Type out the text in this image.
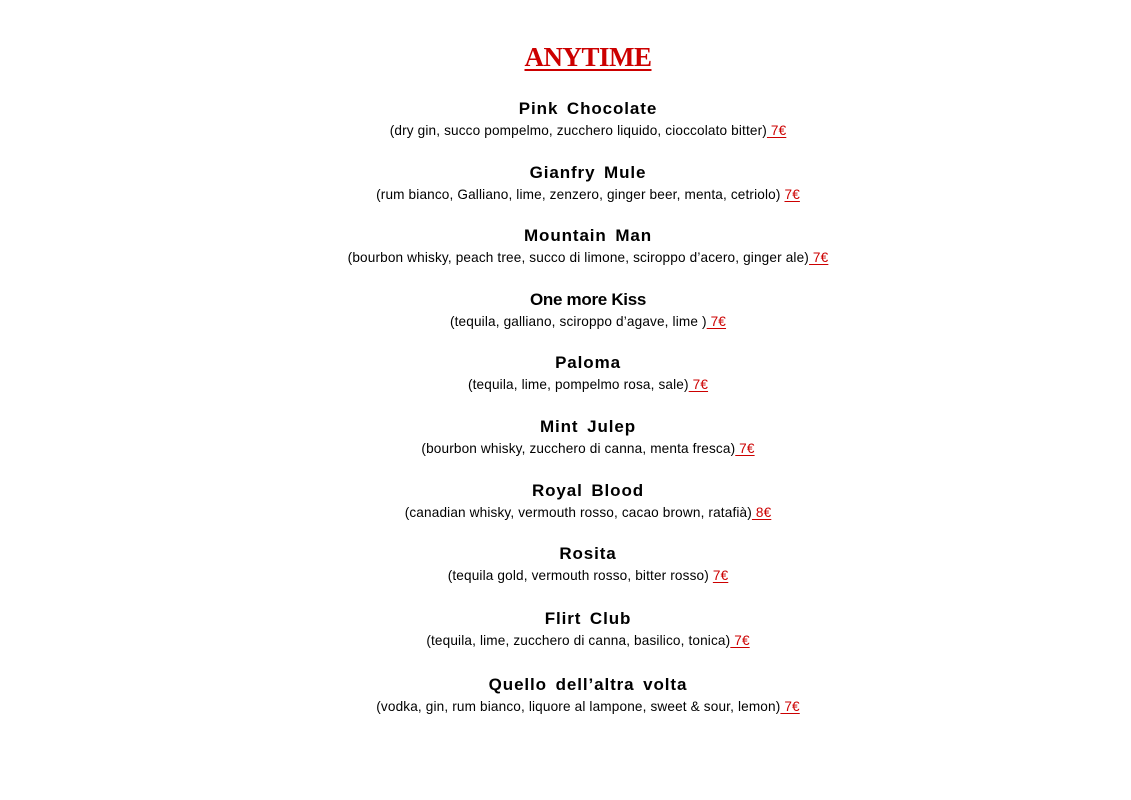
ANYTIME
Pink Chocolate
(dry gin, succo pompelmo, zucchero liquido, cioccolato bitter) 7€
Gianfry Mule
(rum bianco, Galliano, lime, zenzero, ginger beer, menta, cetriolo) 7€
Mountain Man
(bourbon whisky, peach tree, succo di limone, sciroppo d’acero, ginger ale) 7€
One more Kiss
(tequila, galliano, sciroppo d’agave, lime ) 7€
Paloma
(tequila, lime, pompelmo rosa, sale) 7€
Mint Julep
(bourbon whisky, zucchero di canna, menta fresca) 7€
Royal Blood
(canadian whisky, vermouth rosso, cacao brown, ratafià) 8€
Rosita
(tequila gold, vermouth rosso, bitter rosso) 7€
Flirt Club
(tequila, lime, zucchero di canna, basilico, tonica) 7€
Quello dell’altra volta
(vodka, gin, rum bianco, liquore al lampone, sweet & sour, lemon) 7€
